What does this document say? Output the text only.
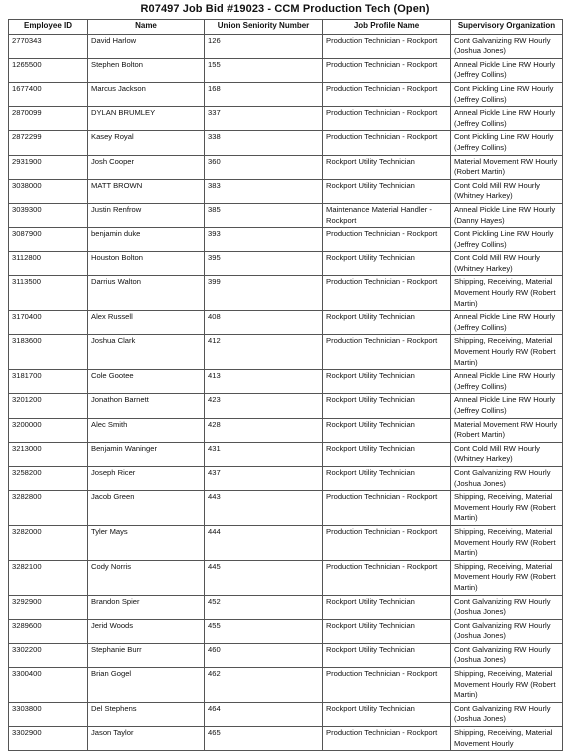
R07497 Job Bid #19023 - CCM Production Tech (Open)
Employee ID	Name	Union Seniority Number	Job Profile Name	Supervisory Organization
2770343	David Harlow	126	Production Technician - Rockport	Cont Galvanizing RW Hourly (Joshua Jones)
1265500	Stephen Bolton	155	Production Technician - Rockport	Anneal Pickle Line RW Hourly (Jeffrey Collins)
1677400	Marcus Jackson	168	Production Technician - Rockport	Cont Pickling Line RW Hourly (Jeffrey Collins)
2870099	DYLAN BRUMLEY	337	Production Technician - Rockport	Anneal Pickle Line RW Hourly (Jeffrey Collins)
2872299	Kasey Royal	338	Production Technician - Rockport	Cont Pickling Line RW Hourly (Jeffrey Collins)
2931900	Josh Cooper	360	Rockport Utility Technician	Material Movement RW Hourly (Robert Martin)
3038000	MATT BROWN	383	Rockport Utility Technician	Cont Cold Mill RW Hourly (Whitney Harkey)
3039300	Justin Renfrow	385	Maintenance Material Handler - Rockport	Anneal Pickle Line RW Hourly (Danny Hayes)
3087900	benjamin duke	393	Production Technician - Rockport	Cont Pickling Line RW Hourly (Jeffrey Collins)
3112800	Houston Bolton	395	Rockport Utility Technician	Cont Cold Mill RW Hourly (Whitney Harkey)
3113500	Darrius Walton	399	Production Technician - Rockport	Shipping, Receiving, Material Movement Hourly RW (Robert Martin)
3170400	Alex Russell	408	Rockport Utility Technician	Anneal Pickle Line RW Hourly (Jeffrey Collins)
3183600	Joshua Clark	412	Production Technician - Rockport	Shipping, Receiving, Material Movement Hourly RW (Robert Martin)
3181700	Cole Gootee	413	Rockport Utility Technician	Anneal Pickle Line RW Hourly (Jeffrey Collins)
3201200	Jonathon Barnett	423	Rockport Utility Technician	Anneal Pickle Line RW Hourly (Jeffrey Collins)
3200000	Alec Smith	428	Rockport Utility Technician	Material Movement RW Hourly (Robert Martin)
3213000	Benjamin Waninger	431	Rockport Utility Technician	Cont Cold Mill RW Hourly (Whitney Harkey)
3258200	Joseph Ricer	437	Rockport Utility Technician	Cont Galvanizing RW Hourly (Joshua Jones)
3282800	Jacob Green	443	Production Technician - Rockport	Shipping, Receiving, Material Movement Hourly RW (Robert Martin)
3282000	Tyler Mays	444	Production Technician - Rockport	Shipping, Receiving, Material Movement Hourly RW (Robert Martin)
3282100	Cody Norris	445	Production Technician - Rockport	Shipping, Receiving, Material Movement Hourly RW (Robert Martin)
3292900	Brandon Spier	452	Rockport Utility Technician	Cont Galvanizing RW Hourly (Joshua Jones)
3289600	Jerid Woods	455	Rockport Utility Technician	Cont Galvanizing RW Hourly (Joshua Jones)
3302200	Stephanie Burr	460	Rockport Utility Technician	Cont Galvanizing RW Hourly (Joshua Jones)
3300400	Brian Gogel	462	Production Technician - Rockport	Shipping, Receiving, Material Movement Hourly RW (Robert Martin)
3303800	Del Stephens	464	Rockport Utility Technician	Cont Galvanizing RW Hourly (Joshua Jones)
3302900	Jason Taylor	465	Production Technician - Rockport	Shipping, Receiving, Material Movement Hourly
